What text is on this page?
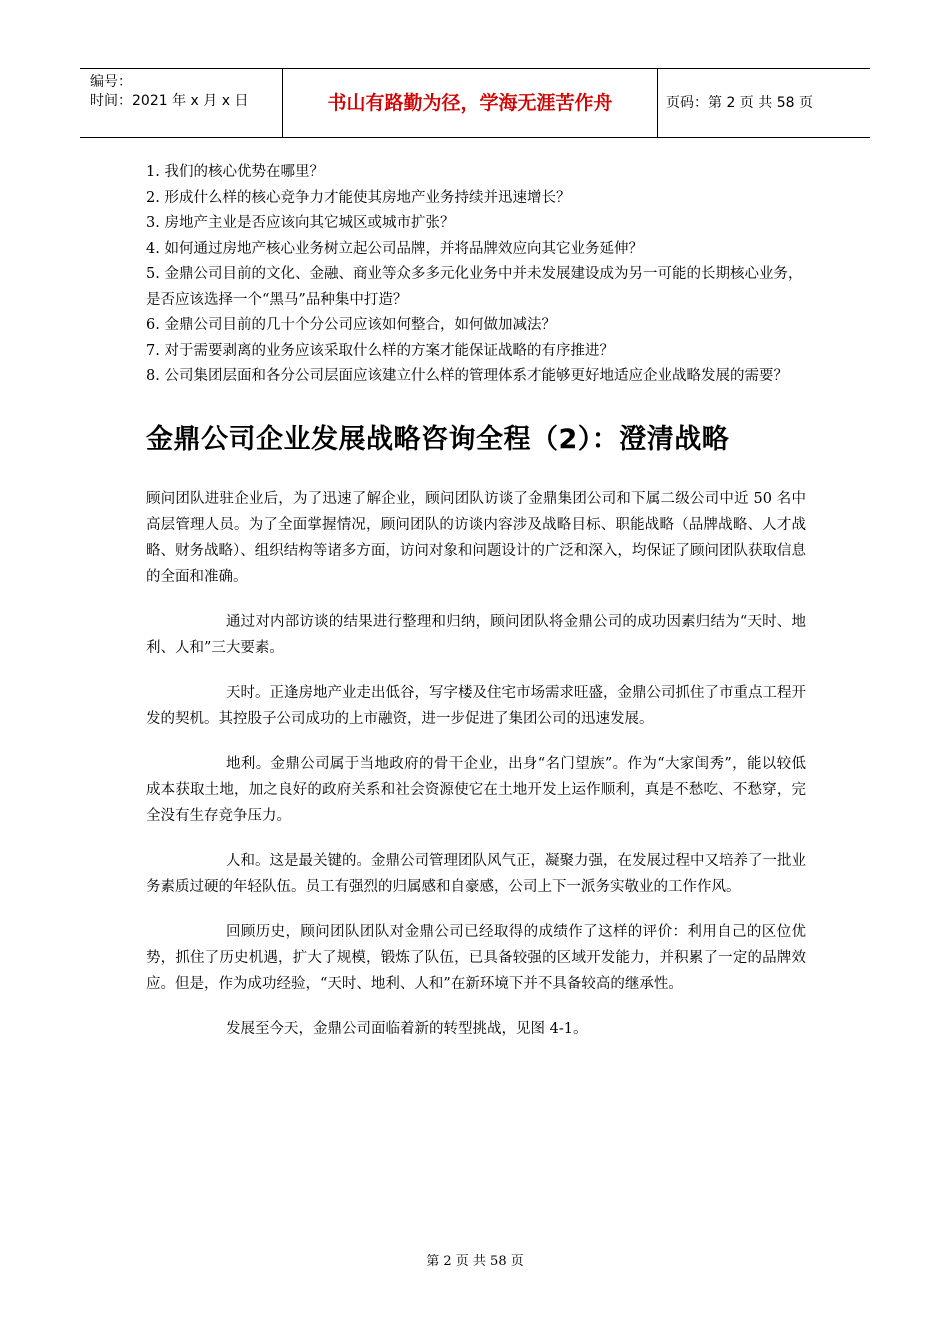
编号：
时间：2021 年 x 月 x 日	书山有路勤为径，学海无涯苦作舟	页码：第 2 页 共 58 页

1. 我们的核心优势在哪里？

2. 形成什么样的核心竞争力才能使其房地产业务持续并迅速增长？

3. 房地产主业是否应该向其它城区或城市扩张？

4. 如何通过房地产核心业务树立起公司品牌，并将品牌效应向其它业务延伸？

5. 金鼎公司目前的文化、金融、商业等众多多元化业务中并未发展建设成为另一可能的长期核心业务，是否应该选择一个“黑马”品种集中打造？

6. 金鼎公司目前的几十个分公司应该如何整合，如何做加减法？

7. 对于需要剥离的业务应该采取什么样的方案才能保证战略的有序推进？

8. 公司集团层面和各分公司层面应该建立什么样的管理体系才能够更好地适应企业战略发展的需要？

金鼎公司企业发展战略咨询全程（2）：澄清战略

顾问团队进驻企业后，为了迅速了解企业，顾问团队访谈了金鼎集团公司和下属二级公司中近 50 名中高层管理人员。为了全面掌握情况，顾问团队的访谈内容涉及战略目标、职能战略（品牌战略、人才战略、财务战略）、组织结构等诸多方面，访问对象和问题设计的广泛和深入，均保证了顾问团队获取信息的全面和准确。

通过对内部访谈的结果进行整理和归纳，顾问团队将金鼎公司的成功因素归结为“天时、地利、人和”三大要素。

天时。正逢房地产业走出低谷，写字楼及住宅市场需求旺盛，金鼎公司抓住了市重点工程开发的契机。其控股子公司成功的上市融资，进一步促进了集团公司的迅速发展。

地利。金鼎公司属于当地政府的骨干企业，出身“名门望族”。作为“大家闺秀”，能以较低成本获取土地，加之良好的政府关系和社会资源使它在土地开发上运作顺利，真是不愁吃、不愁穿，完全没有生存竞争压力。

人和。这是最关键的。金鼎公司管理团队风气正，凝聚力强，在发展过程中又培养了一批业务素质过硬的年轻队伍。员工有强烈的归属感和自豪感，公司上下一派务实敬业的工作作风。

回顾历史，顾问团队团队对金鼎公司已经取得的成绩作了这样的评价：利用自己的区位优势，抓住了历史机遇，扩大了规模，锻炼了队伍，已具备较强的区域开发能力，并积累了一定的品牌效应。但是，作为成功经验，“天时、地利、人和”在新环境下并不具备较高的继承性。

发展至今天，金鼎公司面临着新的转型挑战，见图 4-1。

第 2 页 共 58 页
